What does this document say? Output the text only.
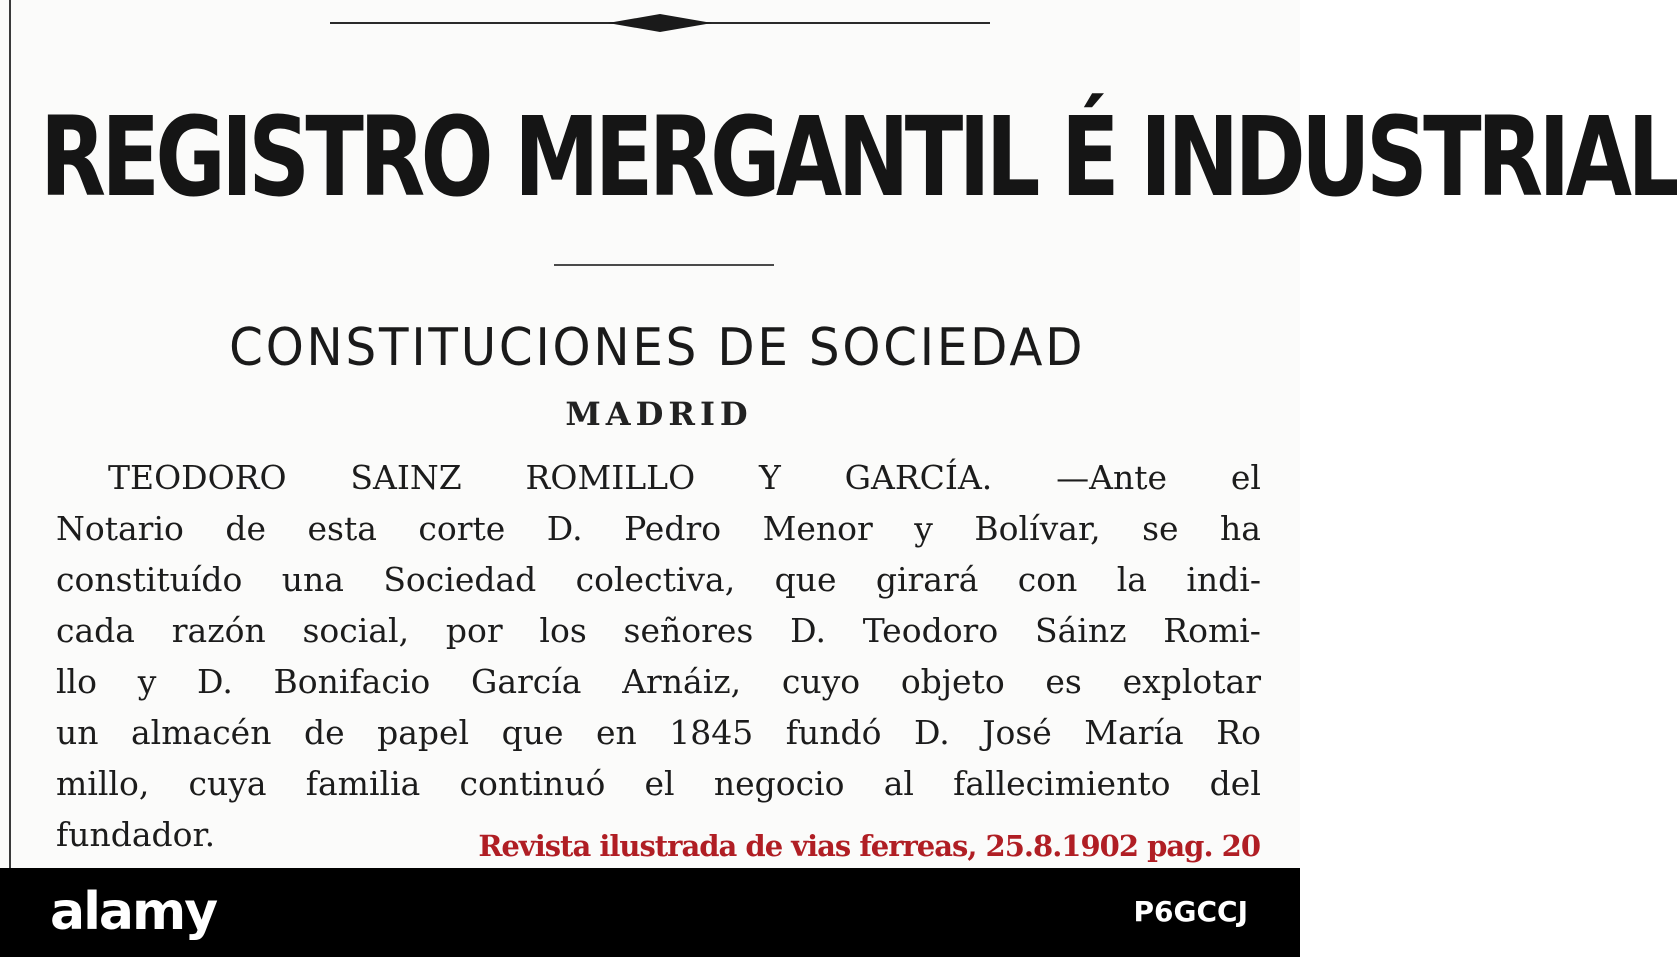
REGISTRO MERGANTIL É INDUSTRIAL
CONSTITUCIONES DE SOCIEDAD
MADRID
TEODORO SAINZ ROMILLO Y GARCÍA. —Ante el
Notario de esta corte D. Pedro Menor y Bolívar, se ha
constituído una Sociedad colectiva, que girará con la indi-
cada razón social, por los señores D. Teodoro Sáinz Romi-
llo y D. Bonifacio García Arnáiz, cuyo objeto es explotar
un almacén de papel que en 1845 fundó D. José María Ro
millo, cuya familia continuó el negocio al fallecimiento del
fundador.	Revista ilustrada de vias ferreas, 25.8.1902 pag. 20
alamy	P6GCCJ
